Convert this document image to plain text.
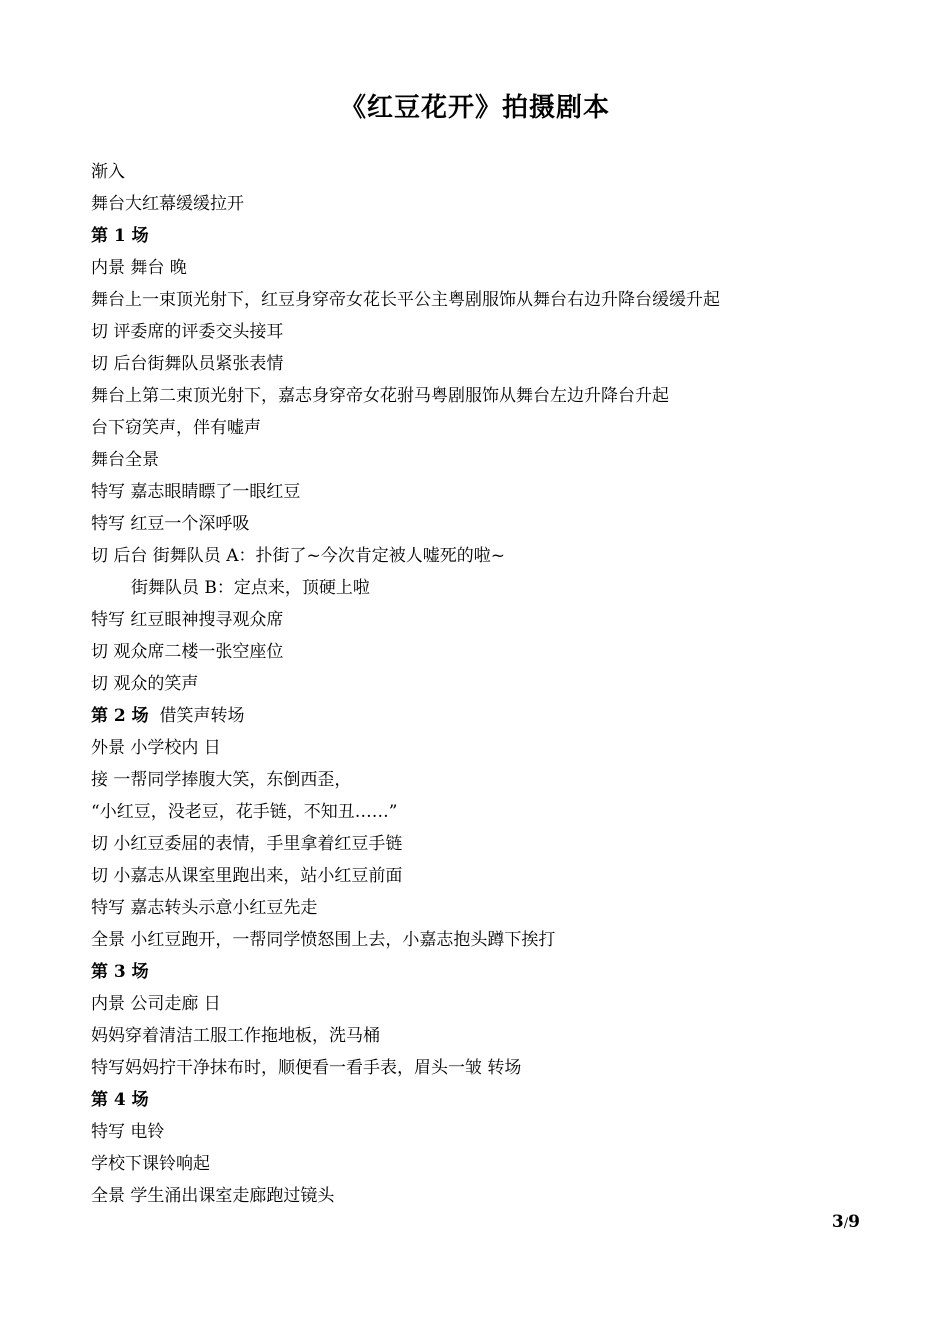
《红豆花开》拍摄剧本
渐入
舞台大红幕缓缓拉开
第 1 场
内景 舞台 晚
舞台上一束顶光射下，红豆身穿帝女花长平公主粤剧服饰从舞台右边升降台缓缓升起
切 评委席的评委交头接耳
切 后台街舞队员紧张表情
舞台上第二束顶光射下，嘉志身穿帝女花驸马粤剧服饰从舞台左边升降台升起
台下窃笑声，伴有嘘声
舞台全景
特写 嘉志眼睛瞟了一眼红豆
特写 红豆一个深呼吸
切 后台 街舞队员 A：扑街了~今次肯定被人嘘死的啦~
街舞队员 B：定点来，顶硬上啦
特写 红豆眼神搜寻观众席
切 观众席二楼一张空座位
切 观众的笑声
第 2 场 借笑声转场
外景 小学校内 日
接 一帮同学捧腹大笑，东倒西歪，
“小红豆，没老豆，花手链，不知丑……”
切 小红豆委屈的表情，手里拿着红豆手链
切 小嘉志从课室里跑出来，站小红豆前面
特写 嘉志转头示意小红豆先走
全景 小红豆跑开，一帮同学愤怒围上去，小嘉志抱头蹲下挨打
第 3 场
内景 公司走廊 日
妈妈穿着清洁工服工作拖地板，洗马桶
特写妈妈拧干净抹布时，顺便看一看手表，眉头一皱 转场
第 4 场
特写 电铃
学校下课铃响起
全景 学生涌出课室走廊跑过镜头
3/9
